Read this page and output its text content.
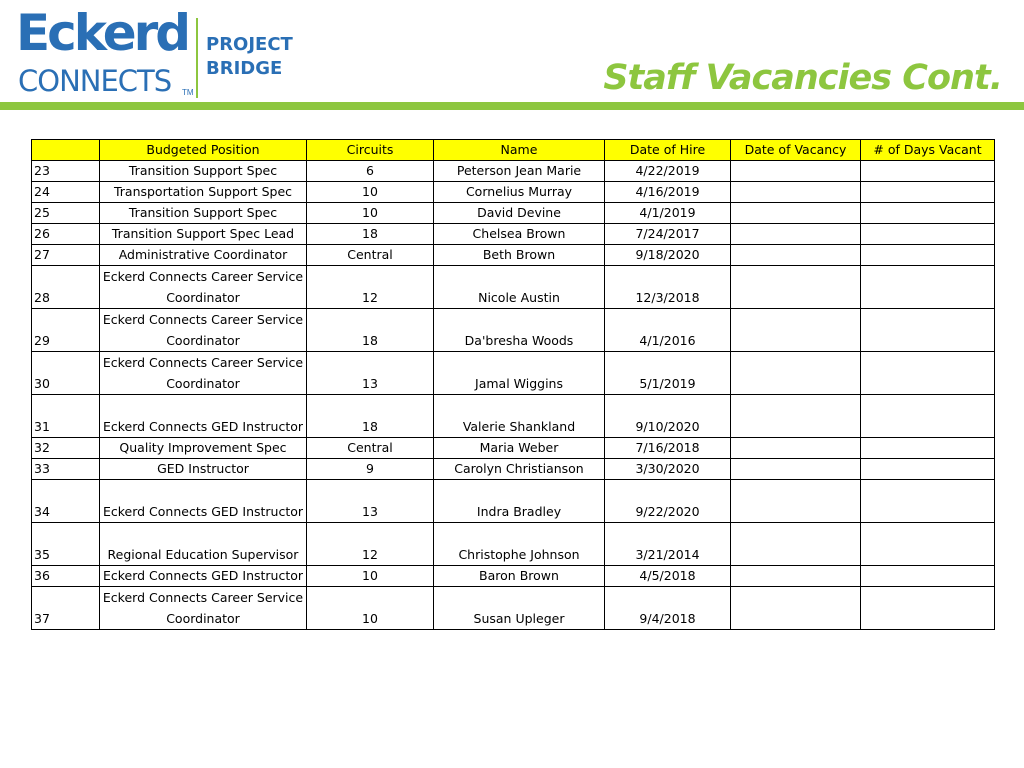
Eckerd
CONNECTS TM
PROJECT
BRIDGE	Staff Vacancies Cont.
	Budgeted Position	Circuits	Name	Date of Hire	Date of Vacancy	# of Days Vacant
23	Transition Support Spec	6	Peterson Jean Marie	4/22/2019		
24	Transportation Support Spec	10	Cornelius Murray	4/16/2019		
25	Transition Support Spec	10	David Devine	4/1/2019		
26	Transition Support Spec Lead	18	Chelsea Brown	7/24/2017		
27	Administrative Coordinator	Central	Beth Brown	9/18/2020		
28	Eckerd Connects Career Service Coordinator	12	Nicole Austin	12/3/2018		
29	Eckerd Connects Career Service Coordinator	18	Da'bresha Woods	4/1/2016		
30	Eckerd Connects Career Service Coordinator	13	Jamal Wiggins	5/1/2019		
31	Eckerd Connects GED Instructor	18	Valerie Shankland	9/10/2020		
32	Quality Improvement Spec	Central	Maria Weber	7/16/2018		
33	GED Instructor	9	Carolyn Christianson	3/30/2020		
34	Eckerd Connects GED Instructor	13	Indra Bradley	9/22/2020		
35	Regional Education Supervisor	12	Christophe Johnson	3/21/2014		
36	Eckerd Connects GED Instructor	10	Baron Brown	4/5/2018		
37	Eckerd Connects Career Service Coordinator	10	Susan Upleger	9/4/2018		
